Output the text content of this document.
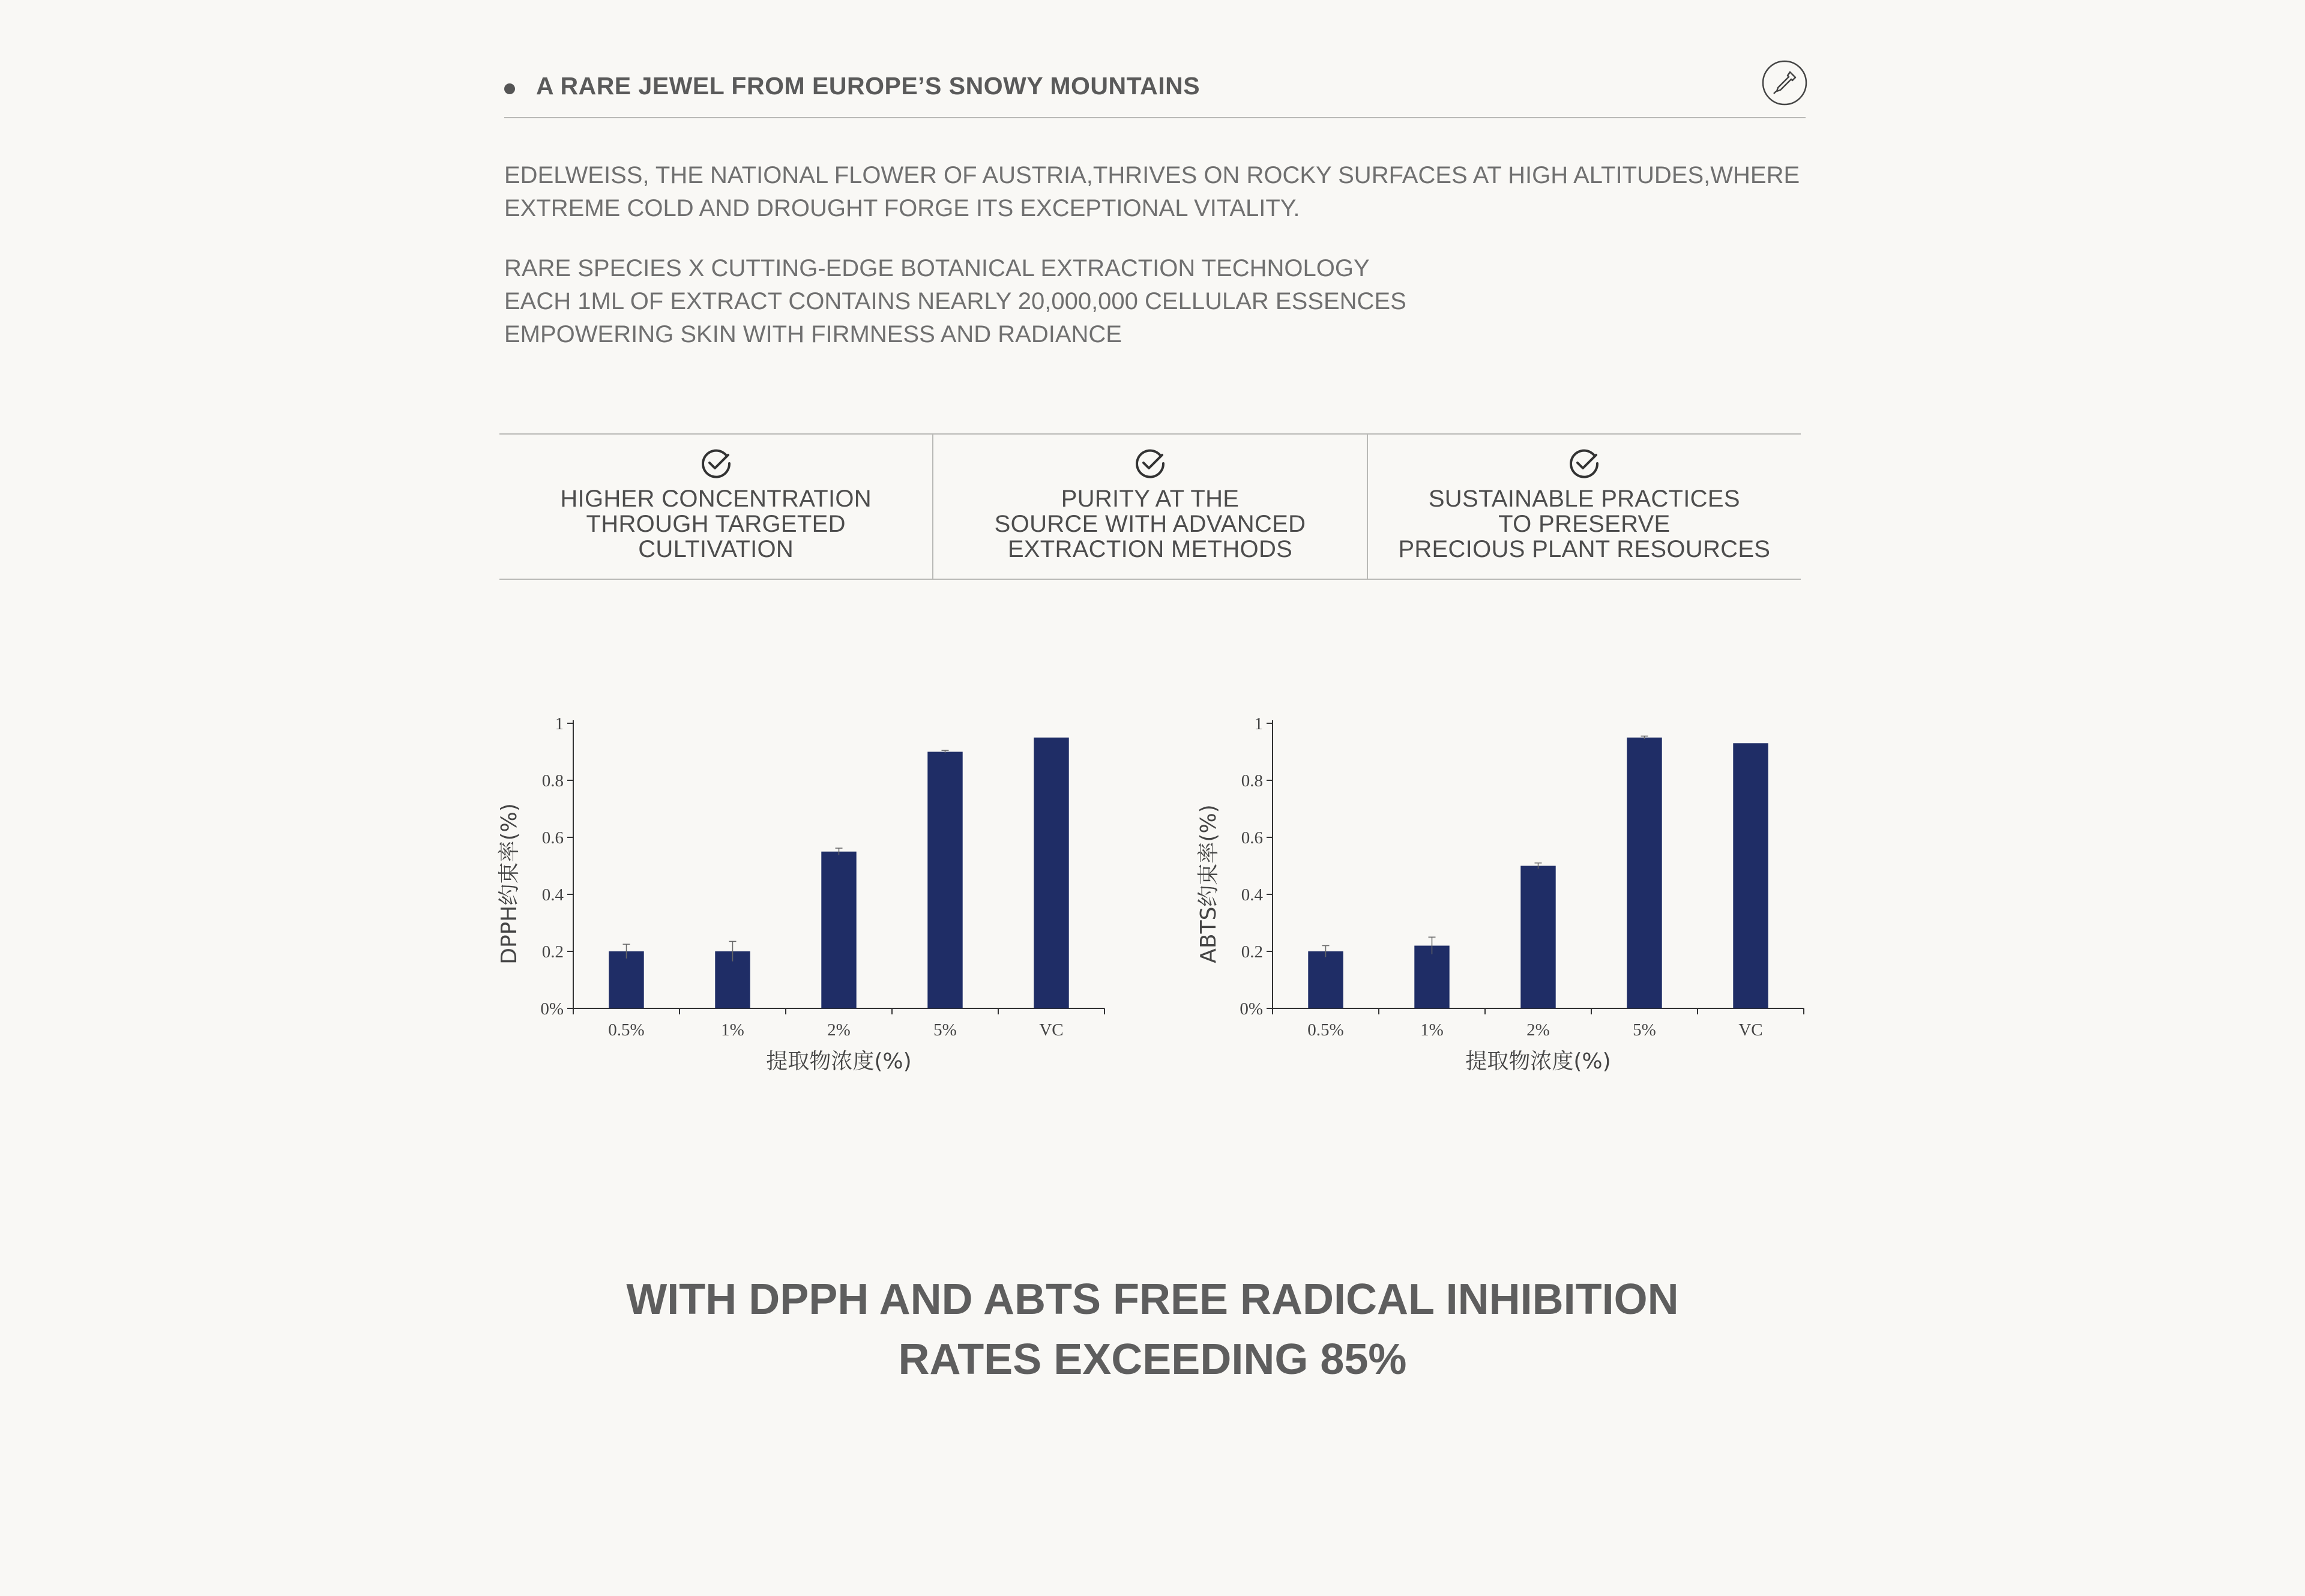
A RARE JEWEL FROM EUROPE’S SNOWY MOUNTAINS

EDELWEISS, THE NATIONAL FLOWER OF AUSTRIA,THRIVES ON ROCKY SURFACES AT HIGH ALTITUDES,WHERE

EXTREME COLD AND DROUGHT FORGE ITS EXCEPTIONAL VITALITY.

RARE SPECIES X CUTTING-EDGE BOTANICAL EXTRACTION TECHNOLOGY

EACH 1ML OF EXTRACT CONTAINS NEARLY 20,000,000 CELLULAR ESSENCES

EMPOWERING SKIN WITH FIRMNESS AND RADIANCE

HIGHER CONCENTRATION
THROUGH TARGETED
CULTIVATION
PURITY AT THE
SOURCE WITH ADVANCED
EXTRACTION METHODS
SUSTAINABLE PRACTICES
TO PRESERVE
PRECIOUS PLANT RESOURCES
0%
0.2
0.4
0.6
0.8
1
0.5%	1%	2%	5%	VC
提取物浓度(%)
DPPH约束率(%)
0%
0.2
0.4
0.6
0.8
1
0.5%	1%	2%	5%	VC
提取物浓度(%)
ABTS约束率(%)
WITH DPPH AND ABTS FREE RADICAL INHIBITION
RATES EXCEEDING 85%
